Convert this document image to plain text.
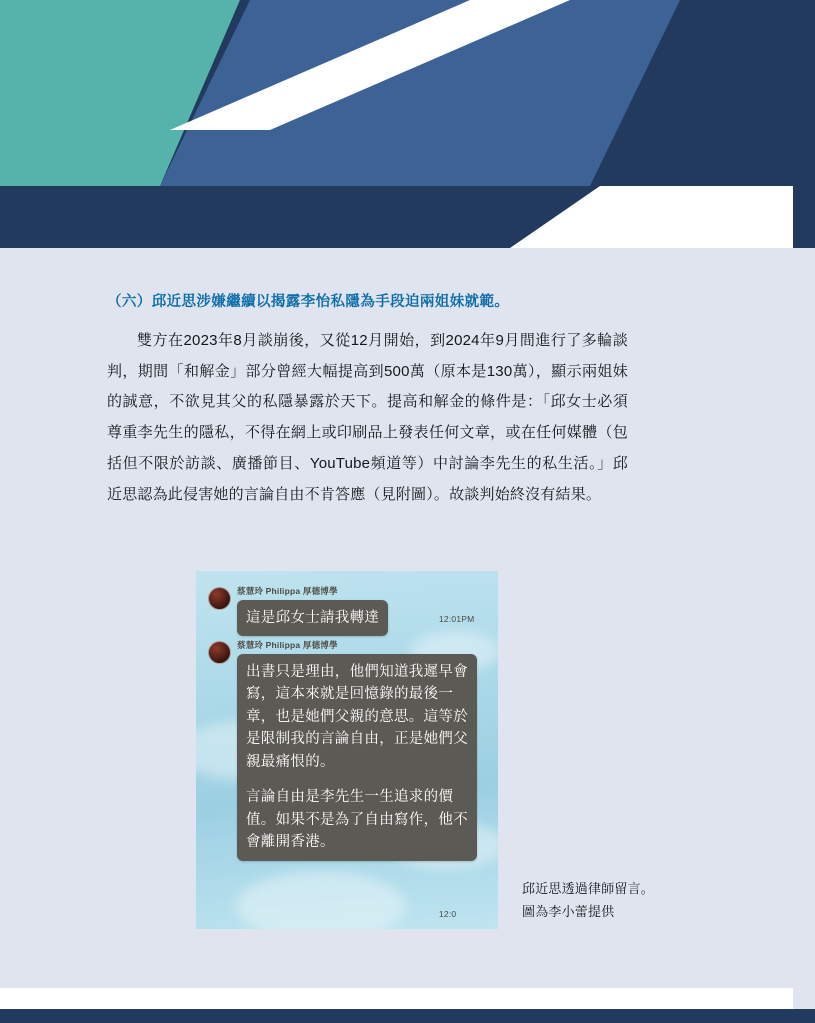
（六）邱近思涉嫌繼續以揭露李怡私隱為手段迫兩姐妹就範。

雙方在2023年8月談崩後，又從12月開始，到2024年9月間進行了多輪談判，期間「和解金」部分曾經大幅提高到500萬（原本是130萬），顯示兩姐妹的誠意，不欲見其父的私隱暴露於天下。提高和解金的條件是：「邱女士必須尊重李先生的隱私，不得在網上或印刷品上發表任何文章，或在任何媒體（包括但不限於訪談、廣播節目、YouTube頻道等）中討論李先生的私生活。」邱近思認為此侵害她的言論自由不肯答應（見附圖）。故談判始終沒有結果。

蔡慧玲 Philippa 厚德博學
這是邱女士請我轉達	12:01PM
蔡慧玲 Philippa 厚德博學

出書只是理由，他們知道我遲早會寫，這本來就是回憶錄的最後一章，也是她們父親的意思。這等於是限制我的言論自由，正是她們父親最痛恨的。

言論自由是李先生一生追求的價值。如果不是為了自由寫作，他不會離開香港。

12:0
邱近思透過律師留言。
圖為李小蕾提供
